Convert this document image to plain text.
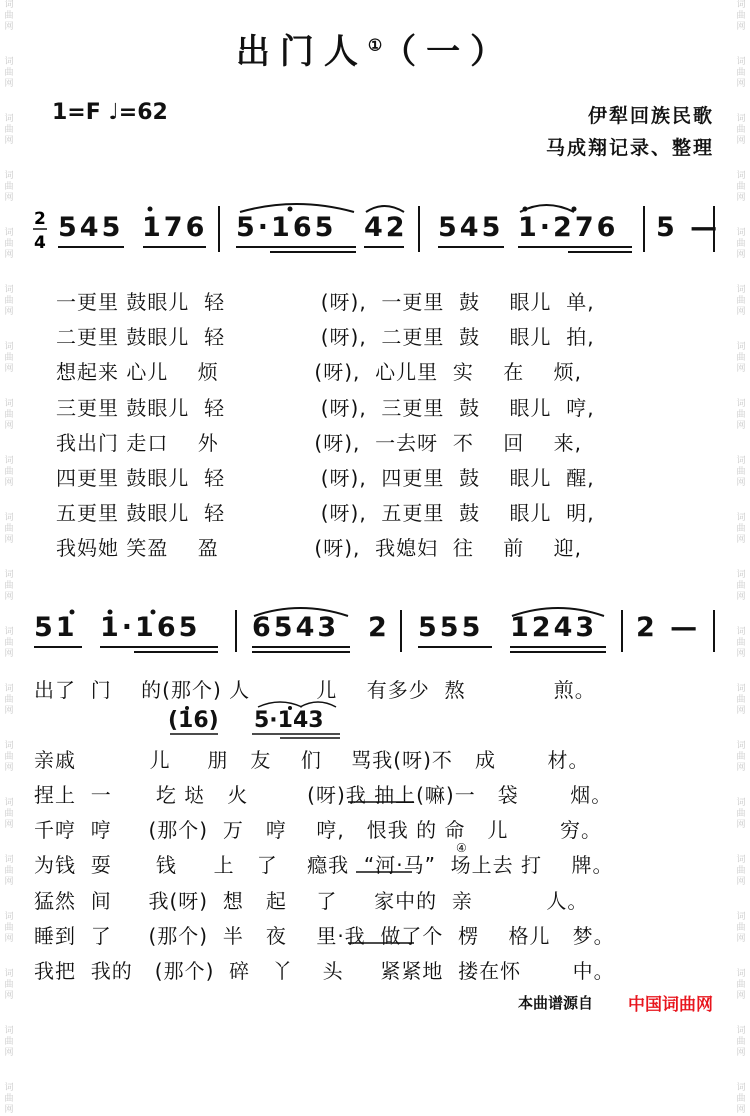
词
曲
网
词
曲
网
词
曲
网
词
曲
网
词
曲
网
词
曲
网
词
曲
网
词
曲
网
词
曲
网
词
曲
网
词
曲
网
词
曲
网
词
曲
网
词
曲
网
词
曲
网
词
曲
网
词
曲
网
词
曲
网
词
曲
网
词
曲
网
词
曲
网
词
曲
网
词
曲
网
词
曲
网
词
曲
网
词
曲
网
词
曲
网
词
曲
网
词
曲
网
词
曲
网
词
曲
网
词
曲
网
词
曲
网
词
曲
网
词
曲
网
词
曲
网
词
曲
网
词
曲
网
词
曲
网
词
曲
网
出门人①（一）
1=F ♩=62	伊犁回族民歌
马成翔记录、整理
2
4 545 176 5·165 42 545 1·276 5 —
一更里 鼓眼儿  轻             (呀),  一更里  鼓    眼儿  单,
二更里 鼓眼儿  轻             (呀),  二更里  鼓    眼儿  拍,
想起来 心儿    烦             (呀),  心儿里  实    在    烦,
三更里 鼓眼儿  轻             (呀),  三更里  鼓    眼儿  哼,
我出门 走口    外             (呀),  一去呀  不    回    来,
四更里 鼓眼儿  轻             (呀),  四更里  鼓    眼儿  醒,
五更里 鼓眼儿  轻             (呀),  五更里  鼓    眼儿  明,
我妈她 笑盈    盈             (呀),  我媳妇  往    前    迎,
51 1·165 6543 2 555 1243 2 —
(16) 5·143
④
出了  门    的(那个) 人         儿    有多少  熬            煎。
亲戚          儿     朋   友    们    骂我(呀)不   成       材。
捏上  一      圪 垯   火        (呀)我 抽上(嘛)一   袋       烟。
千哼  哼     (那个)  万   哼    哼,   恨我 的 命   儿       穷。
为钱  耍      钱     上   了    瘾我  “河·马”  场上去 打    牌。
猛然  间     我(呀)  想   起    了     家中的  亲          人。
睡到  了     (那个)  半   夜    里·我  做了个  楞    格儿   梦。
我把  我的   (那个)  碎   丫    头     紧紧地  搂在怀       中。
本曲谱源自 中国词曲网
